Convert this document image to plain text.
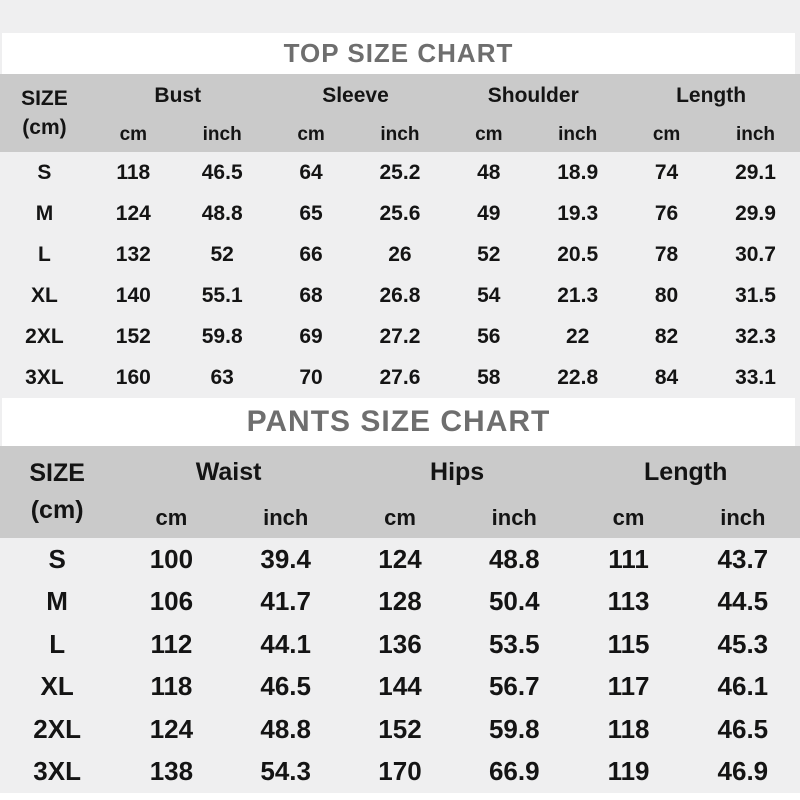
TOP SIZE CHART
SIZE
(cm)	Bust		Sleeve		Shoulder		Length	
	cm	inch	cm	inch	cm	inch	cm	inch
S	118	46.5	64	25.2	48	18.9	74	29.1
M	124	48.8	65	25.6	49	19.3	76	29.9
L	132	52	66	26	52	20.5	78	30.7
XL	140	55.1	68	26.8	54	21.3	80	31.5
2XL	152	59.8	69	27.2	56	22	82	32.3
3XL	160	63	70	27.6	58	22.8	84	33.1
PANTS SIZE CHART
SIZE
(cm)	Waist		Hips		Length	
	cm	inch	cm	inch	cm	inch
S	100	39.4	124	48.8	111	43.7
M	106	41.7	128	50.4	113	44.5
L	112	44.1	136	53.5	115	45.3
XL	118	46.5	144	56.7	117	46.1
2XL	124	48.8	152	59.8	118	46.5
3XL	138	54.3	170	66.9	119	46.9
